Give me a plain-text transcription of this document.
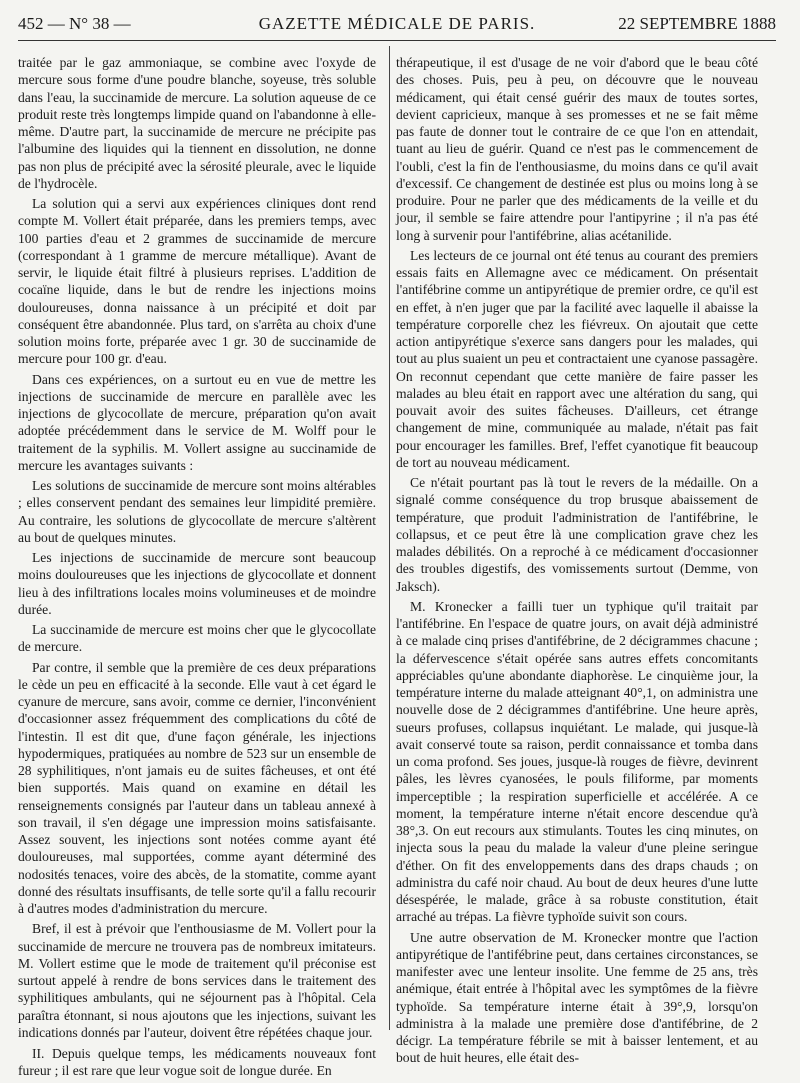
452 — N° 38 —	GAZETTE MÉDICALE DE PARIS.	22 SEPTEMBRE 1888

traitée par le gaz ammoniaque, se combine avec l'oxyde de mercure sous forme d'une poudre blanche, soyeuse, très soluble dans l'eau, la succinamide de mercure. La solution aqueuse de ce produit reste très longtemps limpide quand on l'abandonne à elle-même. D'autre part, la succinamide de mercure ne précipite pas l'albumine des liquides qui la tiennent en dissolution, ne donne pas non plus de précipité avec la sérosité pleurale, avec le liquide de l'hydrocèle.

La solution qui a servi aux expériences cliniques dont rend compte M. Vollert était préparée, dans les premiers temps, avec 100 parties d'eau et 2 grammes de succinamide de mercure (correspondant à 1 gramme de mercure métallique). Avant de servir, le liquide était filtré à plusieurs reprises. L'addition de cocaïne liquide, dans le but de rendre les injections moins douloureuses, donna naissance à un précipité et doit par conséquent être abandonnée. Plus tard, on s'arrêta au choix d'une solution moins forte, préparée avec 1 gr. 30 de succinamide de mercure pour 100 gr. d'eau.

Dans ces expériences, on a surtout eu en vue de mettre les injections de succinamide de mercure en parallèle avec les injections de glycocollate de mercure, préparation qu'on avait adoptée précédemment dans le service de M. Wolff pour le traitement de la syphilis. M. Vollert assigne au succinamide de mercure les avantages suivants :

Les solutions de succinamide de mercure sont moins altérables ; elles conservent pendant des semaines leur limpidité première. Au contraire, les solutions de glycocollate de mercure s'altèrent au bout de quelques minutes.

Les injections de succinamide de mercure sont beaucoup moins douloureuses que les injections de glycocollate et donnent lieu à des infiltrations locales moins volumineuses et de moindre durée.

La succinamide de mercure est moins cher que le glycocollate de mercure.

Par contre, il semble que la première de ces deux préparations le cède un peu en efficacité à la seconde. Elle vaut à cet égard le cyanure de mercure, sans avoir, comme ce dernier, l'inconvénient d'occasionner assez fréquemment des complications du côté de l'intestin. Il est dit que, d'une façon générale, les injections hypodermiques, pratiquées au nombre de 523 sur un ensemble de 28 syphilitiques, n'ont jamais eu de suites fâcheuses, et ont été bien supportés. Mais quand on examine en détail les renseignements consignés par l'auteur dans un tableau annexé à son travail, il s'en dégage une impression moins satisfaisante. Assez souvent, les injections sont notées comme ayant été douloureuses, mal supportées, comme ayant déterminé des nodosités tenaces, voire des abcès, de la stomatite, comme ayant donné des résultats insuffisants, de telle sorte qu'il a fallu recourir à d'autres modes d'administration du mercure.

Bref, il est à prévoir que l'enthousiasme de M. Vollert pour la succinamide de mercure ne trouvera pas de nombreux imitateurs. M. Vollert estime que le mode de traitement qu'il préconise est surtout appelé à rendre de bons services dans le traitement des syphilitiques ambulants, qui ne séjournent pas à l'hôpital. Cela paraîtra étonnant, si nous ajoutons que les injections, suivant les indications donnés par l'auteur, doivent être répétées chaque jour.

II. Depuis quelque temps, les médicaments nouveaux font fureur ; il est rare que leur vogue soit de longue durée. En

thérapeutique, il est d'usage de ne voir d'abord que le beau côté des choses. Puis, peu à peu, on découvre que le nouveau médicament, qui était censé guérir des maux de toutes sortes, devient capricieux, manque à ses promesses et ne se fait même pas faute de donner tout le contraire de ce que l'on en attendait, tuant au lieu de guérir. Quand ce n'est pas le commencement de l'oubli, c'est la fin de l'enthousiasme, du moins dans ce qu'il avait d'excessif. Ce changement de destinée est plus ou moins long à se produire. Pour ne parler que des médicaments de la veille et du jour, il semble se faire attendre pour l'antipyrine ; il n'a pas été long à survenir pour l'antifébrine, alias acétanilide.

Les lecteurs de ce journal ont été tenus au courant des premiers essais faits en Allemagne avec ce médicament. On présentait l'antifébrine comme un antipyrétique de premier ordre, ce qu'il est en effet, à n'en juger que par la facilité avec laquelle il abaisse la température corporelle chez les fiévreux. On ajoutait que cette action antipyrétique s'exerce sans dangers pour les malades, qui tout au plus suaient un peu et contractaient une cyanose passagère. On reconnut cependant que cette manière de faire passer les malades au bleu était en rapport avec une altération du sang, qui pouvait avoir des suites fâcheuses. D'ailleurs, cet étrange changement de mine, communiquée au malade, n'était pas fait pour encourager les familles. Bref, l'effet cyanotique fit beaucoup de tort au nouveau médicament.

Ce n'était pourtant pas là tout le revers de la médaille. On a signalé comme conséquence du trop brusque abaissement de température, que produit l'administration de l'antifébrine, le collapsus, et ce peut être là une complication grave chez les malades débilités. On a reproché à ce médicament d'occasionner des troubles digestifs, des vomissements surtout (Demme, von Jaksch).

M. Kronecker a failli tuer un typhique qu'il traitait par l'antifébrine. En l'espace de quatre jours, on avait déjà administré à ce malade cinq prises d'antifébrine, de 2 décigrammes chacune ; la défervescence s'était opérée sans autres effets concomitants appréciables qu'une abondante diaphorèse. Le cinquième jour, la température interne du malade atteignant 40°,1, on administra une nouvelle dose de 2 décigrammes d'antifébrine. Une heure après, sueurs profuses, collapsus inquiétant. Le malade, qui jusque-là avait conservé toute sa raison, perdit connaissance et tomba dans un coma profond. Ses joues, jusque-là rouges de fièvre, devinrent pâles, les lèvres cyanosées, le pouls filiforme, par moments imperceptible ; la respiration superficielle et accélérée. A ce moment, la température interne n'était encore descendue qu'à 38°,3. On eut recours aux stimulants. Toutes les cinq minutes, on injecta sous la peau du malade la valeur d'une pleine seringue d'éther. On fit des enveloppements dans des draps chauds ; on administra du café noir chaud. Au bout de deux heures d'une lutte désespérée, le malade, grâce à sa robuste constitution, était arraché au trépas. La fièvre typhoïde suivit son cours.

Une autre observation de M. Kronecker montre que l'action antipyrétique de l'antifébrine peut, dans certaines circonstances, se manifester avec une lenteur insolite. Une femme de 25 ans, très anémique, était entrée à l'hôpital avec les symptômes de la fièvre typhoïde. Sa température interne était à 39°,9, lorsqu'on administra à la malade une première dose d'antifébrine, de 2 décigr. La température fébrile se mit à baisser lentement, et au bout de huit heures, elle était des-
